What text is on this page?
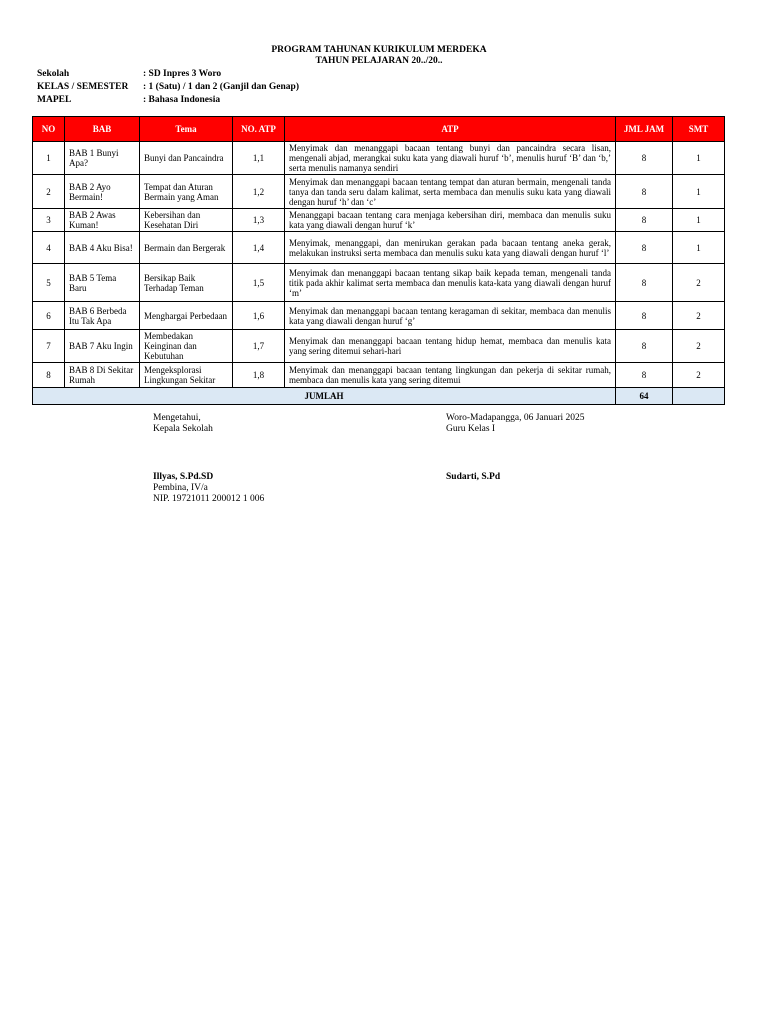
PROGRAM TAHUNAN KURIKULUM MERDEKA
TAHUN PELAJARAN 20../20..
Sekolah	: SD Inpres 3 Woro
KELAS / SEMESTER : 1 (Satu) / 1 dan 2 (Ganjil dan Genap)
MAPEL	: Bahasa Indonesia
NO	BAB	Tema	NO. ATP	ATP	JML JAM	SMT
1	BAB 1 Bunyi Apa?	Bunyi dan Pancaindra	1,1	Menyimak dan menanggapi bacaan tentang bunyi dan pancaindra secara lisan, mengenali abjad, merangkai suku kata yang diawali huruf ‘b’, menulis huruf ‘B’ dan ‘b,’ serta menulis namanya sendiri	8	1
2	BAB 2 Ayo Bermain!	Tempat dan Aturan Bermain yang Aman	1,2	Menyimak dan menanggapi bacaan tentang tempat dan aturan bermain, mengenali tanda tanya dan tanda seru dalam kalimat, serta membaca dan menulis suku kata yang diawali dengan huruf ‘h’ dan ‘c’	8	1
3	BAB 2 Awas Kuman!	Kebersihan dan Kesehatan Diri	1,3	Menanggapi bacaan tentang cara menjaga kebersihan diri, membaca dan menulis suku kata yang diawali dengan huruf ‘k’	8	1
4	BAB 4 Aku Bisa!	Bermain dan Bergerak	1,4	Menyimak, menanggapi, dan menirukan gerakan pada bacaan tentang aneka gerak, melakukan instruksi serta membaca dan menulis suku kata yang diawali dengan huruf ‘l’	8	1
5	BAB 5 Tema Baru	Bersikap Baik Terhadap Teman	1,5	Menyimak dan menanggapi bacaan tentang sikap baik kepada teman, mengenali tanda titik pada akhir kalimat serta membaca dan menulis kata-kata yang diawali dengan huruf ‘m’	8	2
6	BAB 6 Berbeda Itu Tak Apa	Menghargai Perbedaan	1,6	Menyimak dan menanggapi bacaan tentang keragaman di sekitar, membaca dan menulis kata yang diawali dengan huruf ‘g’	8	2
7	BAB 7 Aku Ingin	Membedakan Keinginan dan Kebutuhan	1,7	Menyimak dan menanggapi bacaan tentang hidup hemat, membaca dan menulis kata yang sering ditemui sehari-hari	8	2
8	BAB 8 Di Sekitar Rumah	Mengeksplorasi Lingkungan Sekitar	1,8	Menyimak dan menanggapi bacaan tentang lingkungan dan pekerja di sekitar rumah, membaca dan menulis kata yang sering ditemui	8	2
JUMLAH					64	
Mengetahui,
Kepala Sekolah
Illyas, S.Pd.SD
Pembina, IV/a
NIP. 19721011 200012 1 006
Woro-Madapangga, 06 Januari 2025
Guru Kelas I
Sudarti, S.Pd
